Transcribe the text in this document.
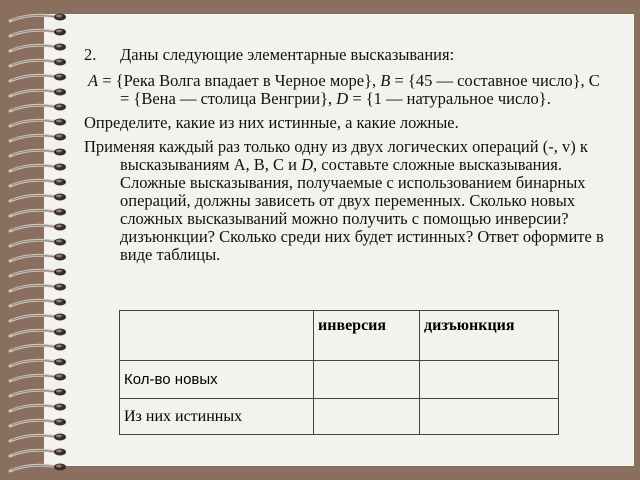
2. Даны следующие элементарные высказывания:

A = {Река Волга впадает в Черное море}, B = {45 — составное число}, С = {Вена — столица Венгрии}, D = {1 — натуральное число}.

Определите, какие из них истинные, а какие ложные.

Применяя каждый раз только одну из двух логических операций (-, v) к высказываниям A, B, C и D, составьте сложные высказывания. Сложные высказывания, получаемые с использованием бинарных операций, должны зависеть от двух переменных. Сколько новых сложных высказываний можно получить с помощью инверсии? дизъюнкции? Сколько среди них будет истинных? Ответ оформите в виде таблицы.

	инверсия	дизъюнкция
Кол-во новых		
Из них истинных		
